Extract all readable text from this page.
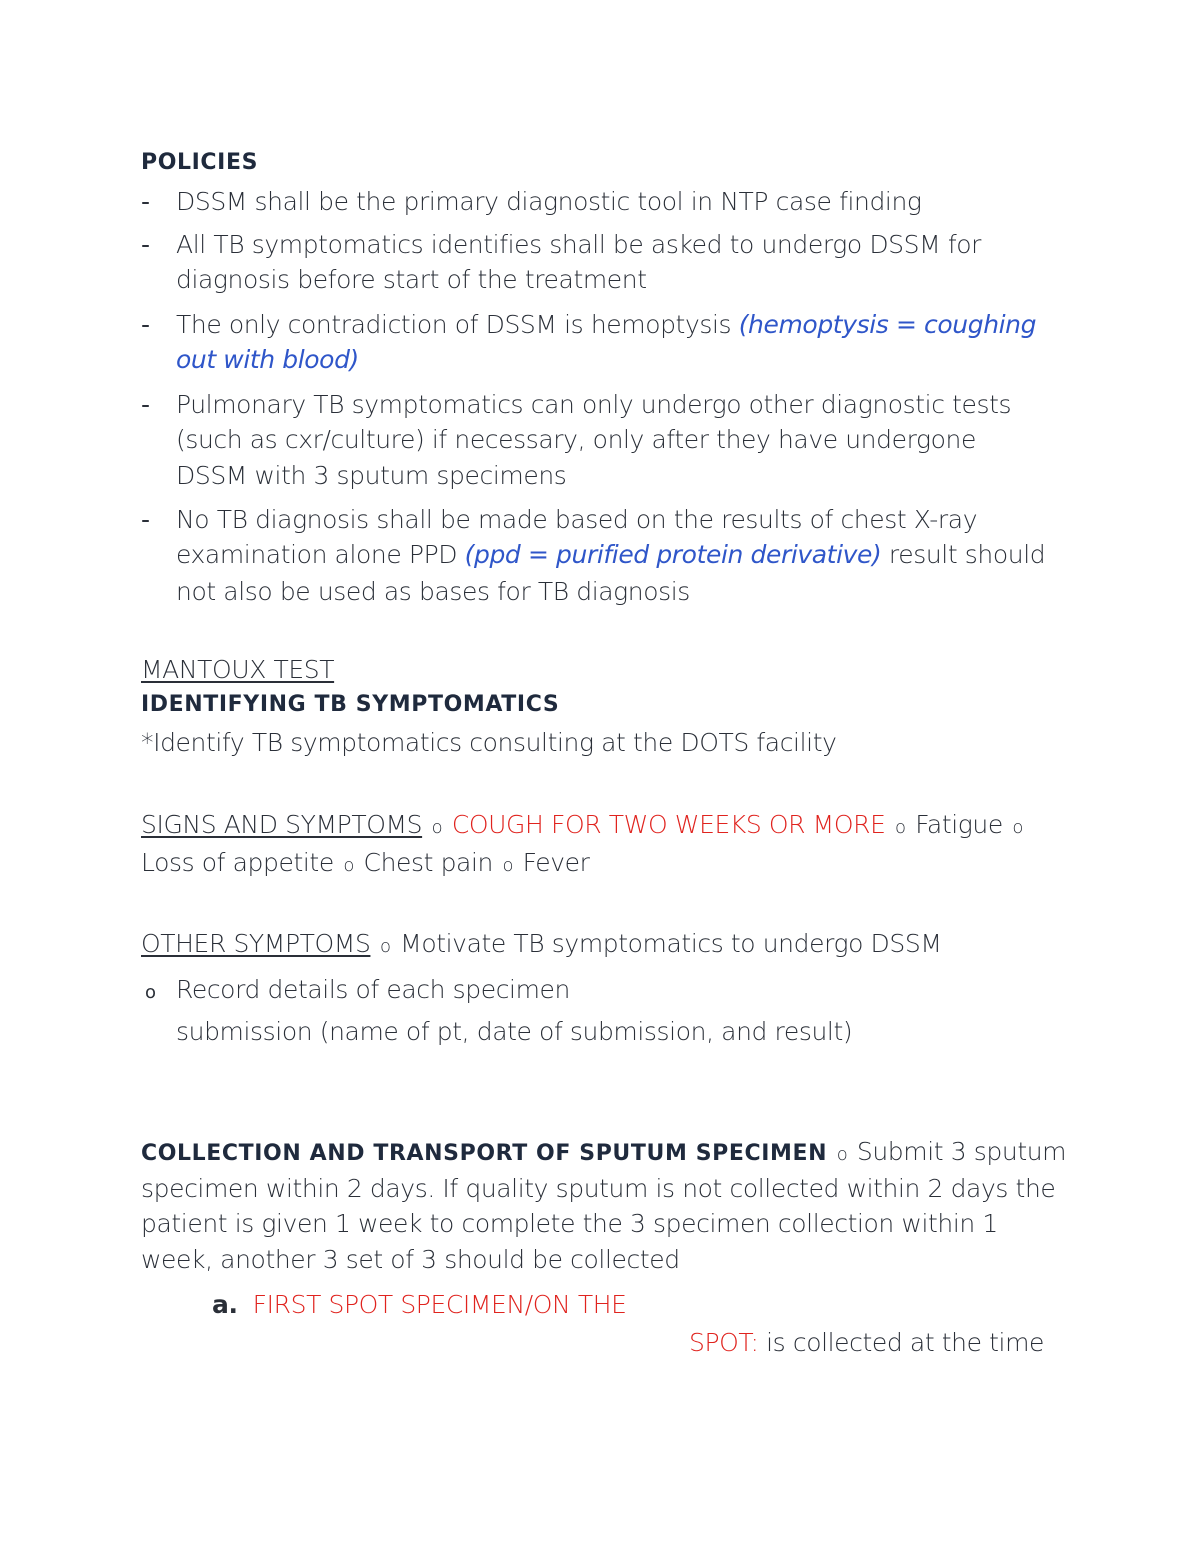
POLICIES
- DSSM shall be the primary diagnostic tool in NTP case finding
- All TB symptomatics identifies shall be asked to undergo DSSM for
diagnosis before start of the treatment
- The only contradiction of DSSM is hemoptysis (hemoptysis = coughing
out with blood)
- Pulmonary TB symptomatics can only undergo other diagnostic tests
(such as cxr/culture) if necessary, only after they have undergone
DSSM with 3 sputum specimens
- No TB diagnosis shall be made based on the results of chest X-ray
examination alone PPD (ppd = purified protein derivative) result should
not also be used as bases for TB diagnosis
MANTOUX TEST
IDENTIFYING TB SYMPTOMATICS
*Identify TB symptomatics consulting at the DOTS facility
SIGNS AND SYMPTOMS o COUGH FOR TWO WEEKS OR MORE o Fatigue o
Loss of appetite o Chest pain o Fever
OTHER SYMPTOMS o Motivate TB symptomatics to undergo DSSM
o Record details of each specimen
submission (name of pt, date of submission, and result)
COLLECTION AND TRANSPORT OF SPUTUM SPECIMEN o Submit 3 sputum
specimen within 2 days. If quality sputum is not collected within 2 days the
patient is given 1 week to complete the 3 specimen collection within 1
week, another 3 set of 3 should be collected
a. FIRST SPOT SPECIMEN/ON THE
SPOT: is collected at the time
